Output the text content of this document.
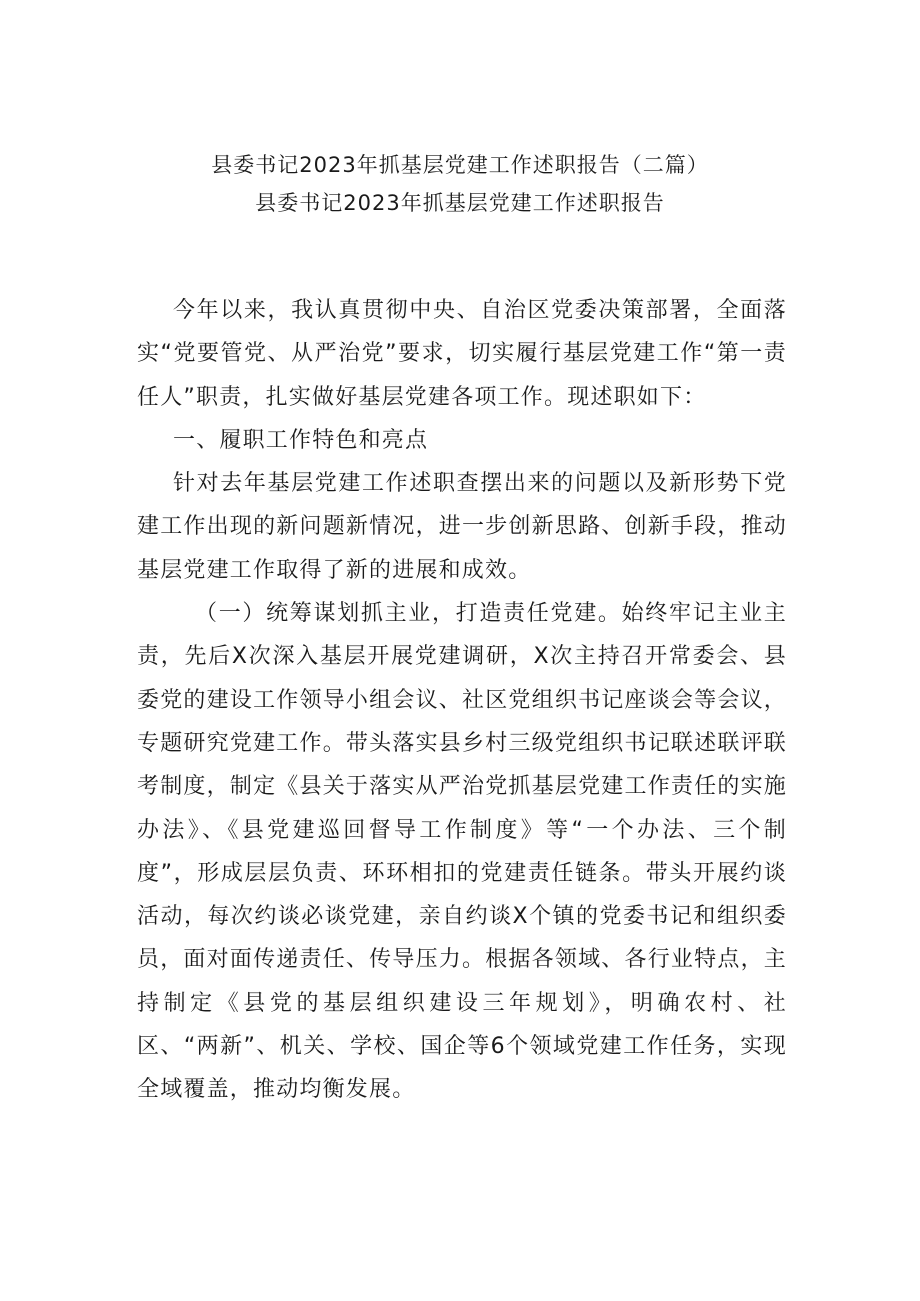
县委书记2023年抓基层党建工作述职报告（二篇）
县委书记2023年抓基层党建工作述职报告

今年以来，我认真贯彻中央、自治区党委决策部署，全面落实“党要管党、从严治党”要求，切实履行基层党建工作“第一责任人”职责，扎实做好基层党建各项工作。现述职如下：

一、履职工作特色和亮点

针对去年基层党建工作述职查摆出来的问题以及新形势下党建工作出现的新问题新情况，进一步创新思路、创新手段，推动基层党建工作取得了新的进展和成效。

（一）统筹谋划抓主业，打造责任党建。始终牢记主业主责，先后X次深入基层开展党建调研，X次主持召开常委会、县委党的建设工作领导小组会议、社区党组织书记座谈会等会议，专题研究党建工作。带头落实县乡村三级党组织书记联述联评联考制度，制定《县关于落实从严治党抓基层党建工作责任的实施办法》、《县党建巡回督导工作制度》等“一个办法、三个制度”，形成层层负责、环环相扣的党建责任链条。带头开展约谈活动，每次约谈必谈党建，亲自约谈X个镇的党委书记和组织委员，面对面传递责任、传导压力。根据各领域、各行业特点，主持制定《县党的基层组织建设三年规划》，明确农村、社区、“两新”、机关、学校、国企等6个领域党建工作任务，实现全域覆盖，推动均衡发展。
